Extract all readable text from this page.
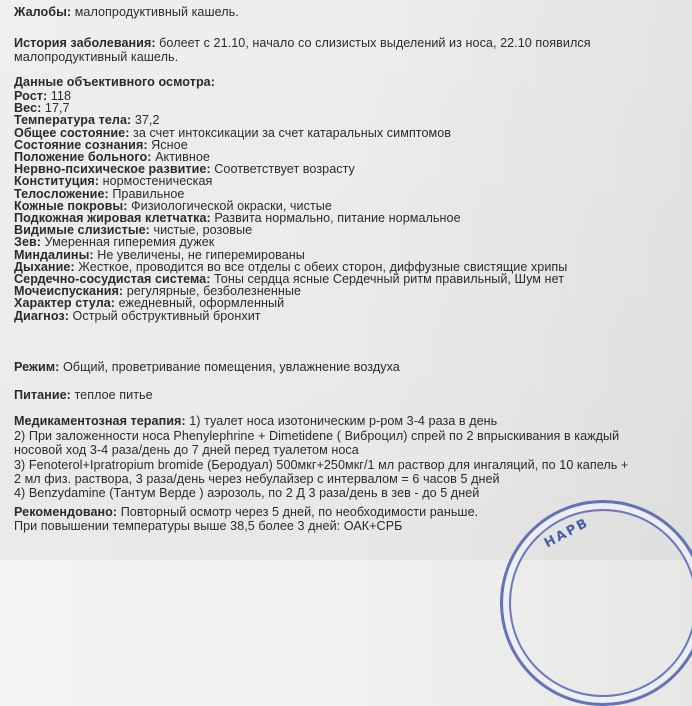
Жалобы: малопродуктивный кашель.
История заболевания: болеет с 21.10, начало со слизистых выделений из носа, 22.10 появился
малопродуктивный кашель.
Данные объективного осмотра:
Рост: 118
Вес: 17,7
Температура тела: 37,2
Общее состояние: за счет интоксикации за счет катаральных симптомов
Состояние сознания: Ясное
Положение больного: Активное
Нервно-психическое развитие: Соответствует возрасту
Конституция: нормостеническая
Телосложение: Правильное
Кожные покровы: Физиологической окраски, чистые
Подкожная жировая клетчатка: Развита нормально, питание нормальное
Видимые слизистые: чистые, розовые
Зев: Умеренная гиперемия дужек
Миндалины: Не увеличены, не гиперемированы
Дыхание: Жесткое, проводится во все отделы с обеих сторон, диффузные свистящие хрипы
Сердечно-сосудистая система: Тоны сердца ясные Сердечный ритм правильный, Шум нет
Мочеиспускания: регулярные, безболезненные
Характер стула: ежедневный, оформленный
Диагноз: Острый обструктивный бронхит
Режим: Общий, проветривание помещения, увлажнение воздуха
Питание: теплое питье
Медикаментозная терапия: 1) туалет носа изотоническим р-ром 3-4 раза в день
2) При заложенности носа Phenylephrine + Dimetidene ( Виброцил) спрей по 2 впрыскивания в каждый
носовой ход 3-4 раза/день до 7 дней перед туалетом носа
3) Fenoterol+Ipratropium bromide (Беродуал) 500мкг+250мкг/1 мл раствор для ингаляций, по 10 капель +
2 мл физ. раствора, 3 раза/день через небулайзер с интервалом = 6 часов 5 дней
4) Benzydamine (Тантум Верде ) аэрозоль, по 2 Д 3 раза/день в зев - до 5 дней
Рекомендовано: Повторный осмотр через 5 дней, по необходимости раньше.
При повышении температуры выше 38,5 более 3 дней: ОАК+СРБ	НАРВ
